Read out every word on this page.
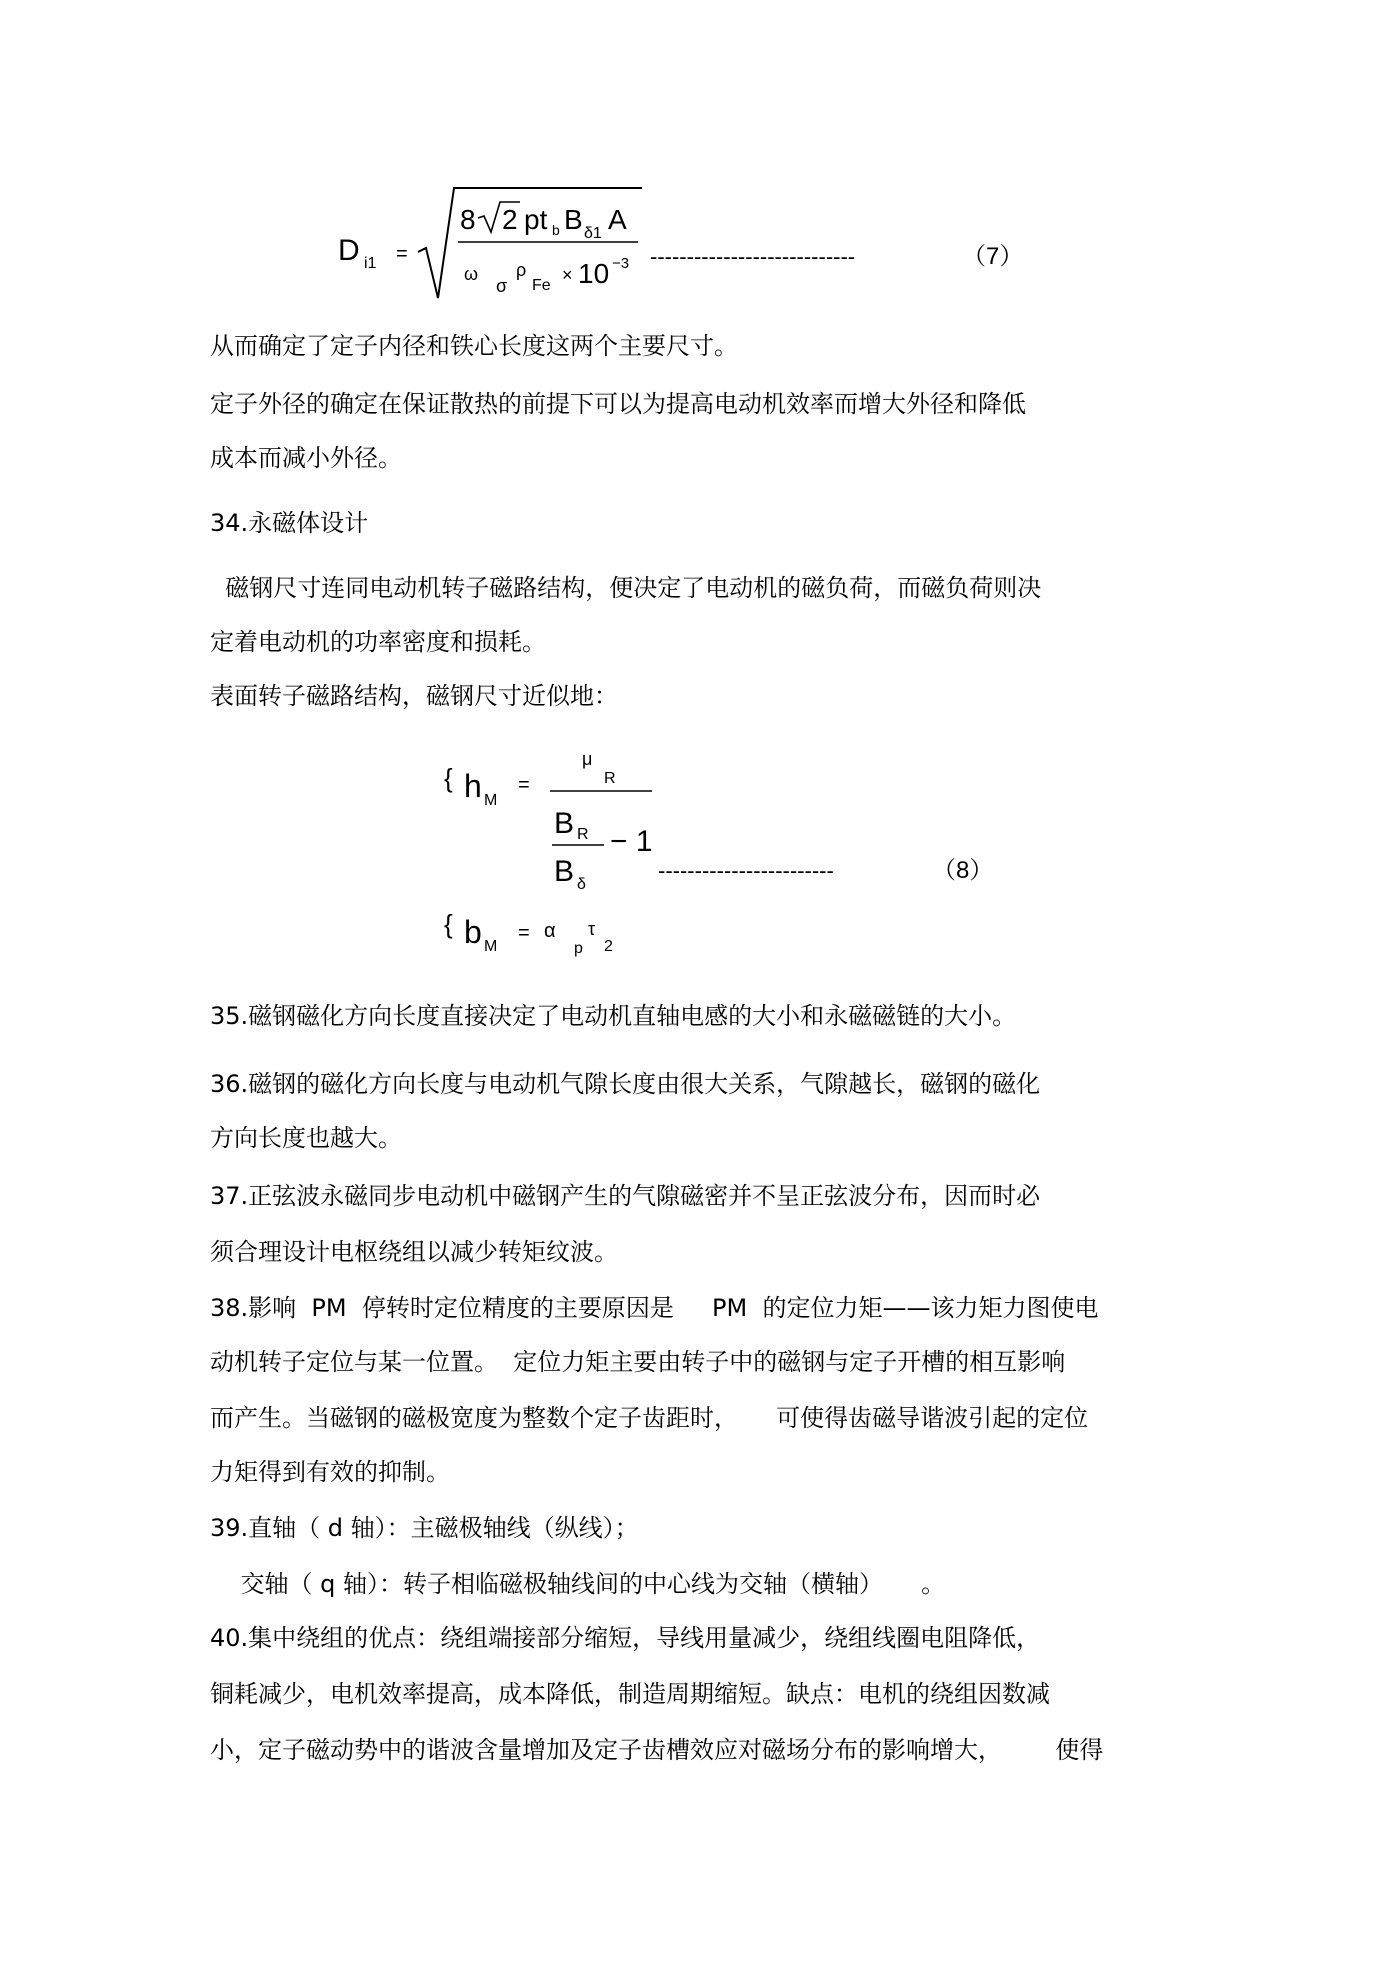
D i1 =
8 2 pt b B δ1 A
ω
σ
ρ
Fe
× 10 −3 ----------------------------	（7）
从而确定了定子内径和铁心长度这两个主要尺寸。
定子外径的确定在保证散热的前提下可以为提高电动机效率而增大外径和降低
成本而减小外径。
34.永磁体设计
磁钢尺寸连同电动机转子磁路结构，便决定了电动机的磁负荷，而磁负荷则决
定着电动机的功率密度和损耗。
表面转子磁路结构，磁钢尺寸近似地：
{ h M
=
μ
R
B R − 1
B δ
------------------------	（8）
{ b M
= α
p
τ
2
35.磁钢磁化方向长度直接决定了电动机直轴电感的大小和永磁磁链的大小。
36.磁钢的磁化方向长度与电动机气隙长度由很大关系，气隙越长，磁钢的磁化
方向长度也越大。
37.正弦波永磁同步电动机中磁钢产生的气隙磁密并不呈正弦波分布，因而时必
须合理设计电枢绕组以减少转矩纹波。
38.影响  PM  停转时定位精度的主要原因是     PM  的定位力矩——该力矩力图使电
动机转子定位与某一位置。  定位力矩主要由转子中的磁钢与定子开槽的相互影响
而产生。当磁钢的磁极宽度为整数个定子齿距时，     可使得齿磁导谐波引起的定位
力矩得到有效的抑制。
39.直轴（ d 轴）：主磁极轴线（纵线）；
交轴（ q 轴）：转子相临磁极轴线间的中心线为交轴（横轴）     。
40.集中绕组的优点：绕组端接部分缩短，导线用量减少，绕组线圈电阻降低，
铜耗减少，电机效率提高，成本降低，制造周期缩短。缺点：电机的绕组因数减
小，定子磁动势中的谐波含量增加及定子齿槽效应对磁场分布的影响增大，       使得
